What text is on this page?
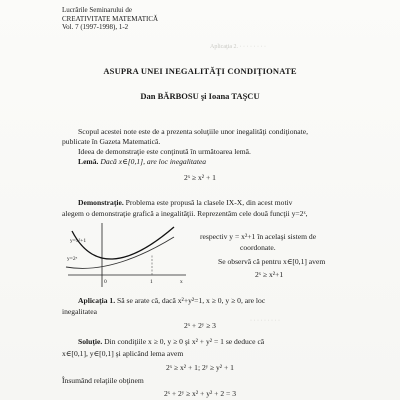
Aplicaţia 2. · · · · · · · ·
· · · · · · · · ·
Lucrările Seminarului de
CREATIVITATE MATEMATICĂ
Vol. 7 (1997-1998), 1-2
ASUPRA UNEI INEGALITĂŢI CONDIŢIONATE
Dan BĂRBOSU şi Ioana TAŞCU
Scopul acestei note este de a prezenta soluţiile unor inegalităţi condiţionate,
publicate în Gazeta Matematică.
Ideea de demonstraţie este conţinută în următoarea lemă.
Lemă. Dacă x∈[0,1], are loc inegalitatea
2ˣ ≥ x² + 1
Demonstraţie. Problema este propusă la clasele IX-X, din acest motiv
alegem o demonstraţie grafică a inegalităţii. Reprezentăm cele două funcţii y=2ˣ,
y=x²+1
y=2ˣ
0	1	x
respectiv y = x²+1 în acelaşi sistem de
coordonate.
Se observă că pentru x∈[0,1] avem
2ˣ ≥ x²+1
Aplicaţia 1. Să se arate că, dacă x²+y²=1, x ≥ 0, y ≥ 0, are loc
inegalitatea
2ˣ + 2ʸ ≥ 3
Soluţie. Din condiţiile x ≥ 0, y ≥ 0 şi x² + y² = 1 se deduce că
x∈[0,1], y∈[0,1] şi aplicând lema avem
2ˣ ≥ x² + 1; 2ʸ ≥ y² + 1
Însumând relaţiile obţinem
2ˣ + 2ʸ ≥ x² + y² + 2 = 3
